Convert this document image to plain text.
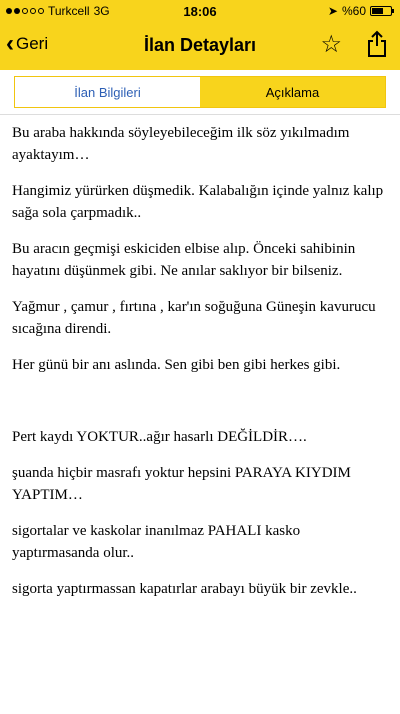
Turkcell 3G	18:06	➤ %60
‹ Geri	İlan Detayları	☆
İlan Bilgileri	Açıklama

Bu araba hakkında söyleyebileceğim ilk söz yıkılmadım ayaktayım…

Hangimiz yürürken düşmedik. Kalabalığın içinde yalnız kalıp sağa sola çarpmadık..

Bu aracın geçmişi eskiciden elbise alıp. Önceki sahibinin hayatını düşünmek gibi. Ne anılar saklıyor bir bilseniz.

Yağmur , çamur , fırtına , kar'ın soğuğuna Güneşin kavurucu sıcağına direndi.

Her günü bir anı aslında. Sen gibi ben gibi herkes gibi.

Pert kaydı YOKTUR..ağır hasarlı DEĞİLDİR….

şuanda hiçbir masrafı yoktur hepsini PARAYA KIYDIM YAPTIM…

sigortalar ve kaskolar inanılmaz PAHALI kasko yaptırmasanda olur..

sigorta yaptırmassan kapatırlar arabayı büyük bir zevkle..
